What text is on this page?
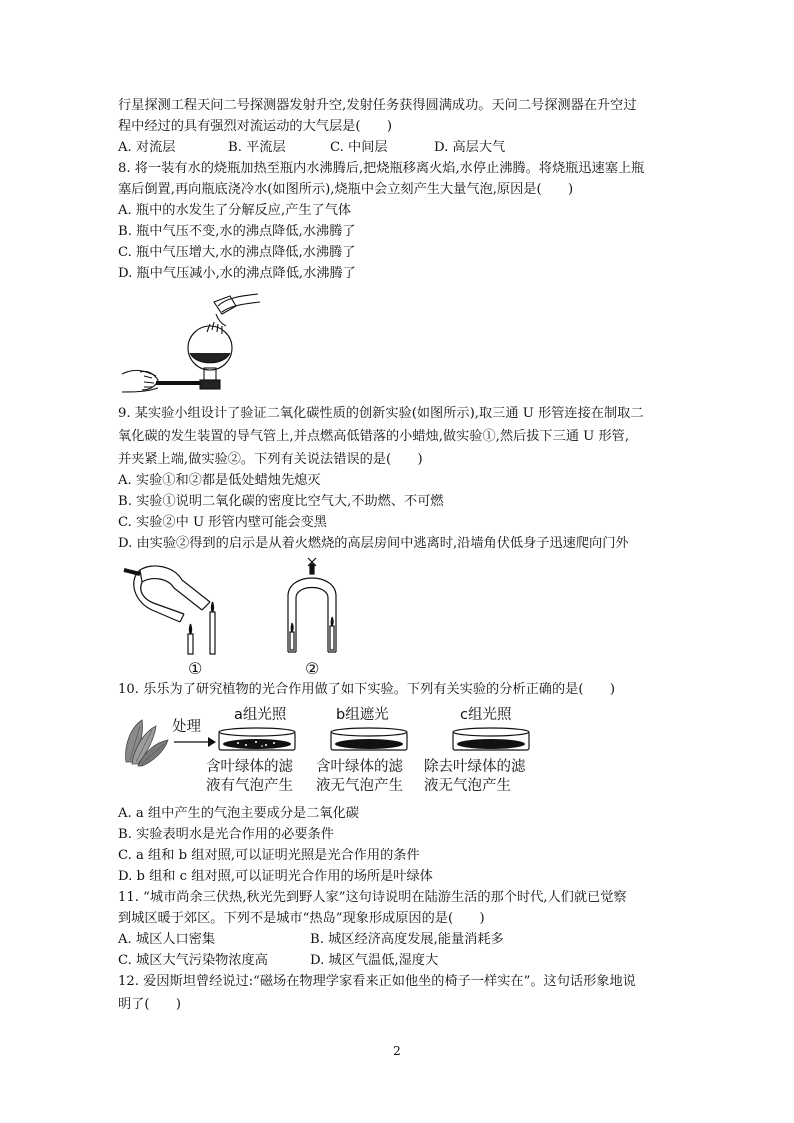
行星探测工程天问二号探测器发射升空,发射任务获得圆满成功。天问二号探测器在升空过
程中经过的具有强烈对流运动的大气层是(　　)
A. 对流层	B. 平流层	C. 中间层	D. 高层大气
8. 将一装有水的烧瓶加热至瓶内水沸腾后,把烧瓶移离火焰,水停止沸腾。将烧瓶迅速塞上瓶
塞后倒置,再向瓶底浇冷水(如图所示),烧瓶中会立刻产生大量气泡,原因是(　　)
A. 瓶中的水发生了分解反应,产生了气体
B. 瓶中气压不变,水的沸点降低,水沸腾了
C. 瓶中气压增大,水的沸点降低,水沸腾了
D. 瓶中气压减小,水的沸点降低,水沸腾了
9. 某实验小组设计了验证二氧化碳性质的创新实验(如图所示),取三通 U 形管连接在制取二
氧化碳的发生装置的导气管上,并点燃高低错落的小蜡烛,做实验①,然后拔下三通 U 形管,
并夹紧上端,做实验②。下列有关说法错误的是(　　)
A. 实验①和②都是低处蜡烛先熄灭
B. 实验①说明二氧化碳的密度比空气大,不助燃、不可燃
C. 实验②中 U 形管内壁可能会变黑
D. 由实验②得到的启示是从着火燃烧的高层房间中逃离时,沿墙角伏低身子迅速爬向门外
①	②
10. 乐乐为了研究植物的光合作用做了如下实验。下列有关实验的分析正确的是(　　)
处理
a组光照	b组遮光	c组光照
含叶绿体的滤
液有气泡产生
含叶绿体的滤
液无气泡产生
除去叶绿体的滤
液无气泡产生
A. a 组中产生的气泡主要成分是二氧化碳
B. 实验表明水是光合作用的必要条件
C. a 组和 b 组对照,可以证明光照是光合作用的条件
D. b 组和 c 组对照,可以证明光合作用的场所是叶绿体
11. “城市尚余三伏热,秋光先到野人家”这句诗说明在陆游生活的那个时代,人们就已觉察
到城区暖于郊区。下列不是城市“热岛”现象形成原因的是(　　)
A. 城区人口密集	B. 城区经济高度发展,能量消耗多
C. 城区大气污染物浓度高	D. 城区气温低,湿度大
12. 爱因斯坦曾经说过:“磁场在物理学家看来正如他坐的椅子一样实在”。这句话形象地说
明了(　　)
2
